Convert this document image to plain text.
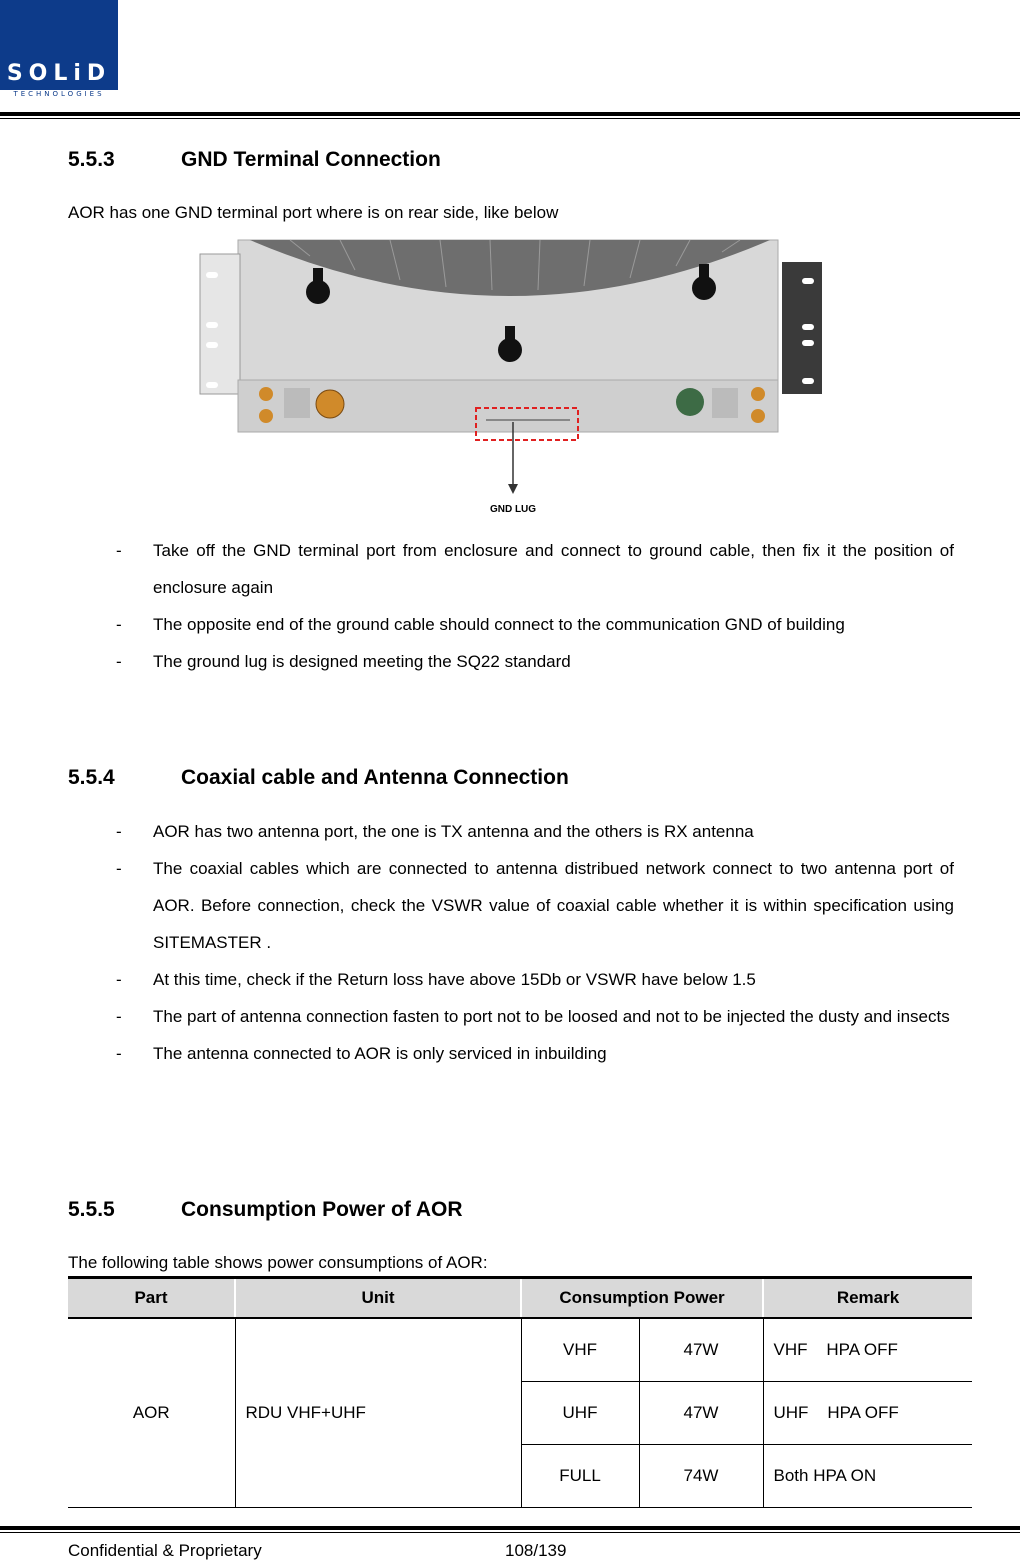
SOLiD
TECHNOLOGIES
5.5.3	GND Terminal Connection
AOR has one GND terminal port where is on rear side, like below
GND LUG
- Take off the GND terminal port from enclosure and connect to ground cable, then fix it the position of enclosure again
- The opposite end of the ground cable should connect to the communication GND of building
- The ground lug is designed meeting the SQ22 standard
5.5.4	Coaxial cable and Antenna Connection
- AOR has two antenna port, the one is TX antenna and the others is RX antenna
- The coaxial cables which are connected to antenna distribued network connect to two antenna port of AOR. Before connection, check the VSWR value of coaxial cable whether it is within specification using SITEMASTER .
- At this time, check if the Return loss have above 15Db or VSWR have below 1.5
- The part of antenna connection fasten to port not to be loosed and not to be injected the dusty and insects
- The antenna connected to AOR is only serviced in inbuilding
5.5.5	Consumption Power of AOR
The following table shows power consumptions of AOR:
Part	Unit	Consumption Power		Remark
AOR	RDU VHF+UHF	VHF	47W	VHF    HPA OFF
		UHF	47W	UHF    HPA OFF
		FULL	74W	Both HPA ON
Confidential & Proprietary	108/139
